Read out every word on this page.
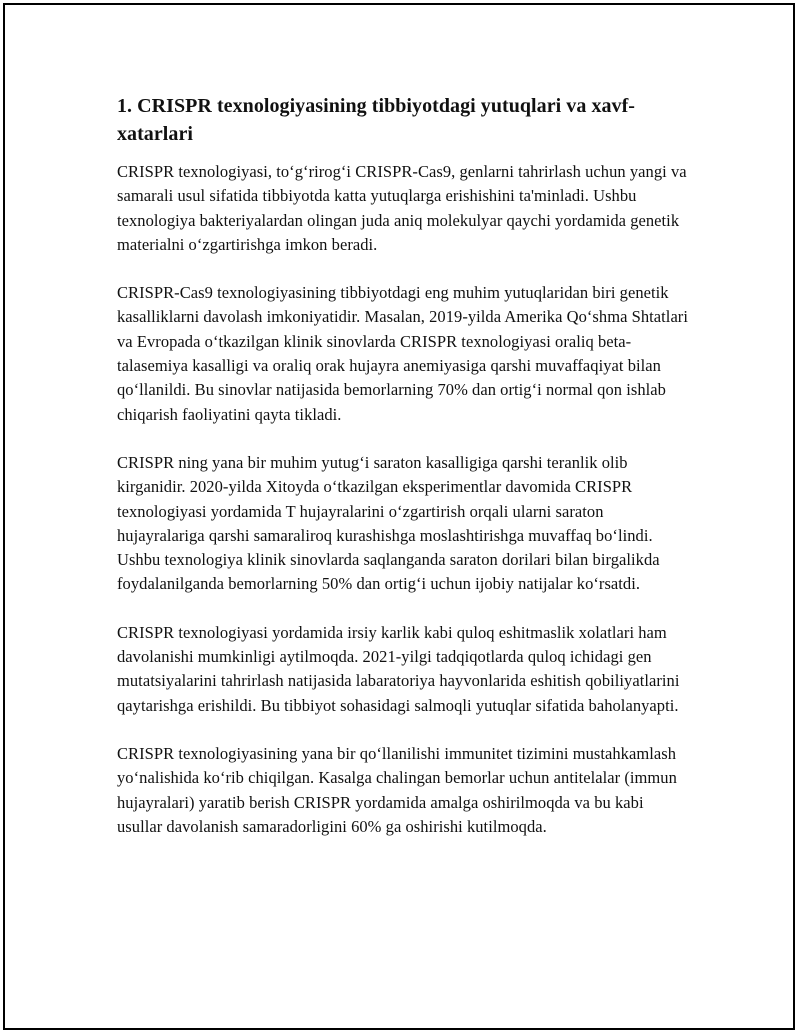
1. CRISPR texnologiyasining tibbiyotdagi yutuqlari va xavf-xatarlari

CRISPR texnologiyasi, to‘g‘rirog‘i CRISPR-Cas9, genlarni tahrirlash uchun yangi va samarali usul sifatida tibbiyotda katta yutuqlarga erishishini ta'minladi. Ushbu texnologiya bakteriyalardan olingan juda aniq molekulyar qaychi yordamida genetik materialni o‘zgartirishga imkon beradi.

CRISPR-Cas9 texnologiyasining tibbiyotdagi eng muhim yutuqlaridan biri genetik kasalliklarni davolash imkoniyatidir. Masalan, 2019-yilda Amerika Qo‘shma Shtatlari va Evropada o‘tkazilgan klinik sinovlarda CRISPR texnologiyasi oraliq beta-talasemiya kasalligi va oraliq orak hujayra anemiyasiga qarshi muvaffaqiyat bilan qo‘llanildi. Bu sinovlar natijasida bemorlarning 70% dan ortig‘i normal qon ishlab chiqarish faoliyatini qayta tikladi.

CRISPR ning yana bir muhim yutug‘i saraton kasalligiga qarshi teranlik olib kirganidir. 2020-yilda Xitoyda o‘tkazilgan eksperimentlar davomida CRISPR texnologiyasi yordamida T hujayralarini o‘zgartirish orqali ularni saraton hujayralariga qarshi samaraliroq kurashishga moslashtirishga muvaffaq bo‘lindi. Ushbu texnologiya klinik sinovlarda saqlanganda saraton dorilari bilan birgalikda foydalanilganda bemorlarning 50% dan ortig‘i uchun ijobiy natijalar ko‘rsatdi.

CRISPR texnologiyasi yordamida irsiy karlik kabi quloq eshitmaslik xolatlari ham davolanishi mumkinligi aytilmoqda. 2021-yilgi tadqiqotlarda quloq ichidagi gen mutatsiyalarini tahrirlash natijasida labaratoriya hayvonlarida eshitish qobiliyatlarini qaytarishga erishildi. Bu tibbiyot sohasidagi salmoqli yutuqlar sifatida baholanyapti.

CRISPR texnologiyasining yana bir qo‘llanilishi immunitet tizimini mustahkamlash yo‘nalishida ko‘rib chiqilgan. Kasalga chalingan bemorlar uchun antitelalar (immun hujayralari) yaratib berish CRISPR yordamida amalga oshirilmoqda va bu kabi usullar davolanish samaradorligini 60% ga oshirishi kutilmoqda.
